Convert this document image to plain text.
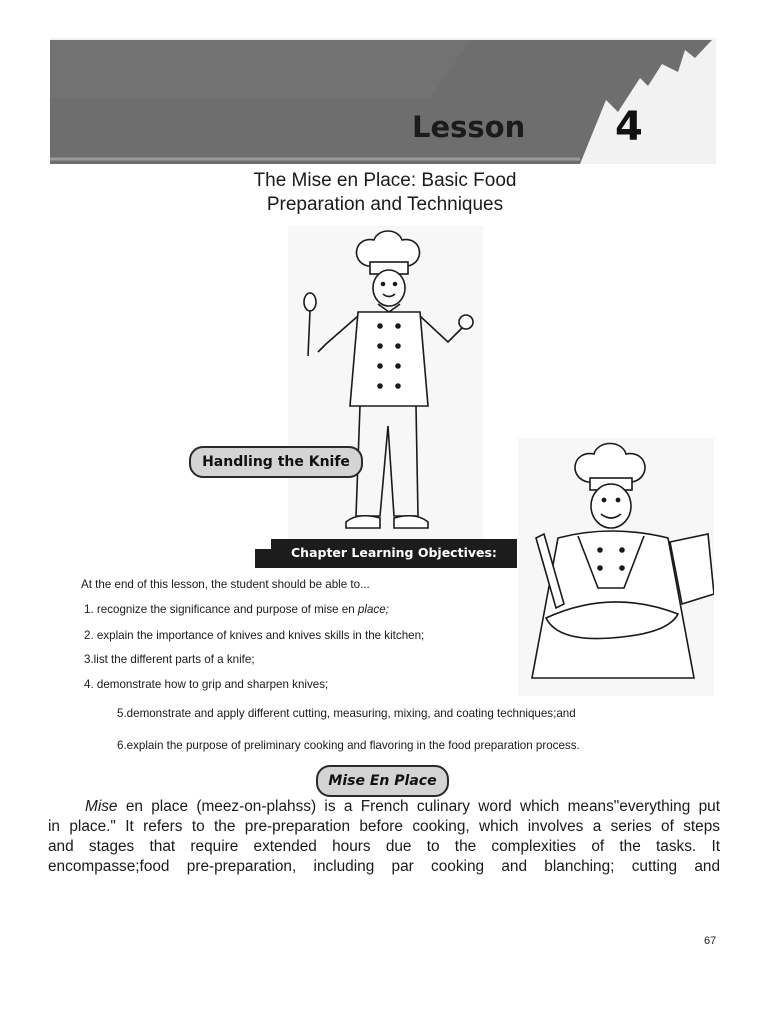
Lesson 4
The Mise en Place: Basic Food
Preparation and Techniques
Handling the Knife
Chapter Learning Objectives:
At the end of this lesson, the student should be able to...
1. recognize the significance and purpose of mise en place;
2. explain the importance of knives and knives skills in the kitchen;
3.list the different parts of a knife;
4. demonstrate how to grip and sharpen knives;
5.demonstrate and apply different cutting, measuring, mixing, and coating techniques;and
6.explain the purpose of preliminary cooking and flavoring in the food preparation process.
Mise En Place
Mise en place (meez-on-plahss) is a French culinary word which means"everything put
in place." It refers to the pre-preparation before cooking, which involves a series of steps
and stages that require extended hours due to the complexities of the tasks. It
encompasse;food pre-preparation, including par cooking and blanching; cutting and
67
